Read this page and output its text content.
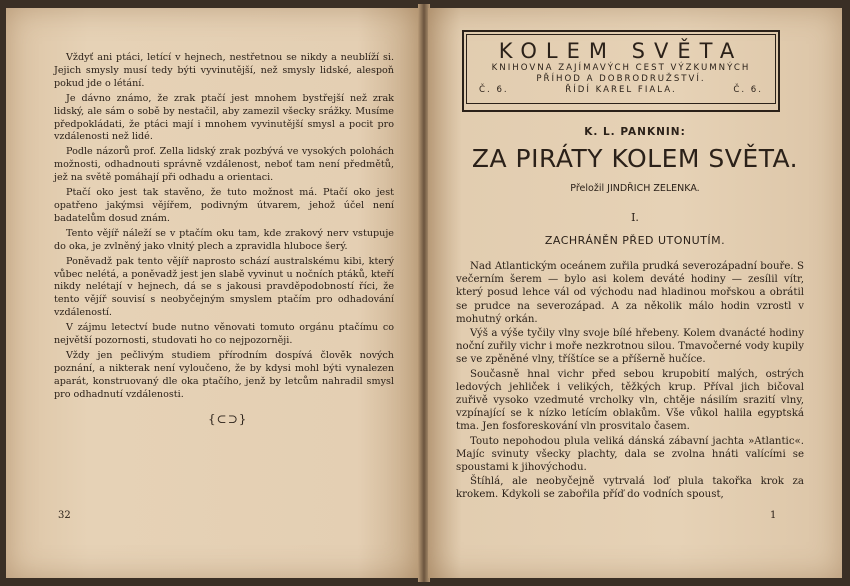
Vždyť ani ptáci, letící v hejnech, nestřetnou se nikdy a neublíží si. Jejich smysly musí tedy býti vyvinutější, než smysly lidské, alespoň pokud jde o létání.

Je dávno známo, že zrak ptačí jest mnohem bystřejší než zrak lidský, ale sám o sobě by nestačil, aby zamezil všecky srážky. Musíme předpokládati, že ptáci mají i mnohem vyvinutější smysl a pocit pro vzdálenosti než lidé.

Podle názorů prof. Zella lidský zrak pozbývá ve vysokých polohách možnosti, odhadnouti správně vzdálenost, neboť tam není předmětů, jež na světě pomáhají při odhadu a orientaci.

Ptačí oko jest tak stavěno, že tuto možnost má. Ptačí oko jest opatřeno jakýmsi vějířem, podivným útvarem, jehož účel není badatelům dosud znám.

Tento vějíř náleží se v ptačím oku tam, kde zrakový nerv vstupuje do oka, je zvlněný jako vlnitý plech a zpravidla hluboce šerý.

Poněvadž pak tento vějíř naprosto schází australskému kibi, který vůbec nelétá, a poněvadž jest jen slabě vyvinut u nočních ptáků, kteří nikdy nelétají v hejnech, dá se s jakousi pravděpodobností říci, že tento vějíř souvisí s neobyčejným smyslem ptačím pro odhadování vzdáleností.

V zájmu letectví bude nutno věnovati tomuto orgánu ptačímu co největší pozornosti, studovati ho co nejpozorněji.

Vždy jen pečlivým studiem přírodním dospívá člověk nových poznání, a nikterak není vyloučeno, že by kdysi mohl býti vynalezen aparát, konstruovaný dle oka ptačího, jenž by letcům nahradil smysl pro odhadnutí vzdálenosti.

{⊂⊃}
32
KOLEM SVĚTA
KNIHOVNA ZAJÍMAVÝCH CEST VÝZKUMNÝCH
PŘÍHOD A DOBRODRUŽSTVÍ.
Č. 6.	ŘÍDÍ KAREL FIALA.	Č. 6.
K. L. PANKNIN:
ZA PIRÁTY KOLEM SVĚTA.
Přeložil JINDŘICH ZELENKA.
I.
ZACHRÁNĚN PŘED UTONUTÍM.

Nad Atlantickým oceánem zuřila prudká severozápadní bouře. S večerním šerem — bylo asi kolem deváté hodiny — zesílil vítr, který posud lehce vál od východu nad hladinou mořskou a obrátil se prudce na severozápad. A za několik málo hodin vzrostl v mohutný orkán.

Výš a výše tyčily vlny svoje bílé hřebeny. Kolem dvanácté hodiny noční zuřily vichr i moře nezkrotnou silou. Tmavočerné vody kupily se ve zpěněné vlny, tříštíce se a příšerně hučíce.

Současně hnal vichr před sebou krupobití malých, ostrých ledových jehliček i velikých, těžkých krup. Příval jich bičoval zuřivě vysoko vzedmuté vrcholky vln, chtěje násilím srazití vlny, vzpínající se k nízko letícím oblakům. Vše vůkol halila egyptská tma. Jen fosforeskování vln prosvitalo časem.

Touto nepohodou plula veliká dánská zábavní jachta »Atlantic«. Majíc svinuty všecky plachty, dala se zvolna hnáti valícími se spoustami k jihovýchodu.

Štíhlá, ale neobyčejně vytrvalá loď plula takořka krok za krokem. Kdykoli se zabořila příď do vodních spoust,

1
